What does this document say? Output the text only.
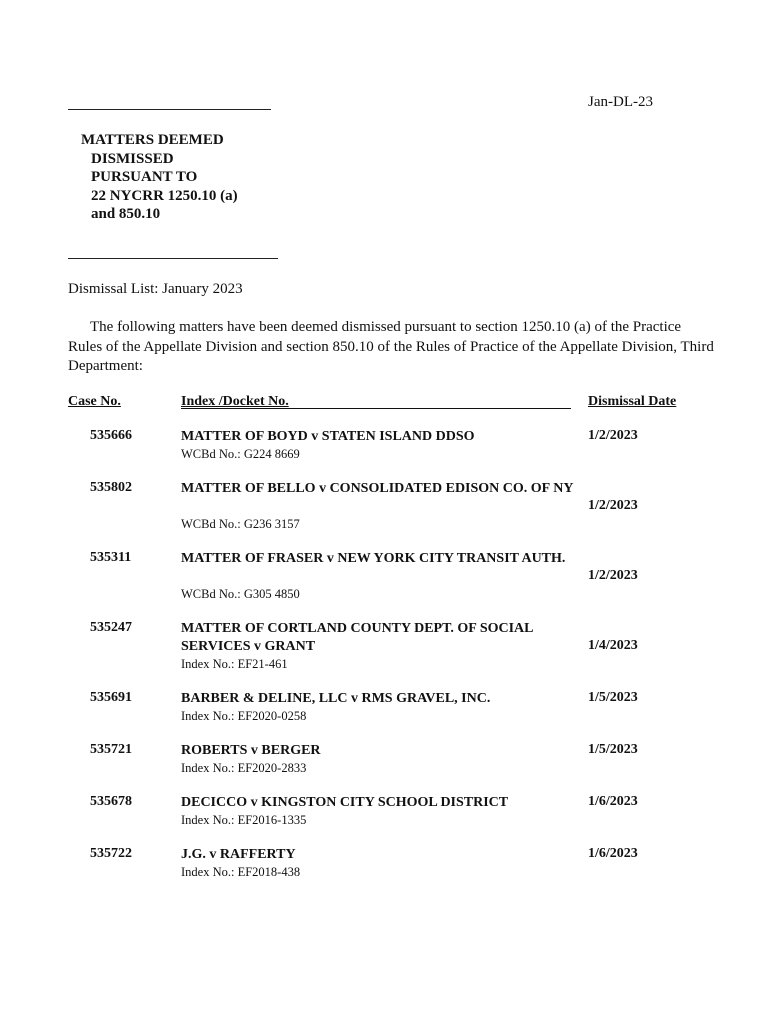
Jan-DL-23
MATTERS DEEMED
DISMISSED
PURSUANT TO
22 NYCRR 1250.10 (a)
and 850.10
Dismissal List: January 2023
The following matters have been deemed dismissed pursuant to section 1250.10 (a) of the Practice Rules of the Appellate Division and section 850.10 of the Rules of Practice of the Appellate Division, Third Department:
Case No.	Index /Docket No.	Dismissal Date
535666	MATTER OF BOYD v STATEN ISLAND DDSO
WCBd No.: G224 8669
1/2/2023
535802	MATTER OF BELLO v CONSOLIDATED EDISON CO. OF NY
WCBd No.: G236 3157
1/2/2023
535311	MATTER OF FRASER v NEW YORK CITY TRANSIT AUTH.
WCBd No.: G305 4850
1/2/2023
535247	MATTER OF CORTLAND COUNTY DEPT. OF SOCIAL SERVICES v GRANT
Index No.: EF21-461
1/4/2023
535691	BARBER & DELINE, LLC v RMS GRAVEL, INC.
Index No.: EF2020-0258
1/5/2023
535721	ROBERTS v BERGER
Index No.: EF2020-2833
1/5/2023
535678	DECICCO v KINGSTON CITY SCHOOL DISTRICT
Index No.: EF2016-1335
1/6/2023
535722	J.G. v RAFFERTY
Index No.: EF2018-438
1/6/2023
